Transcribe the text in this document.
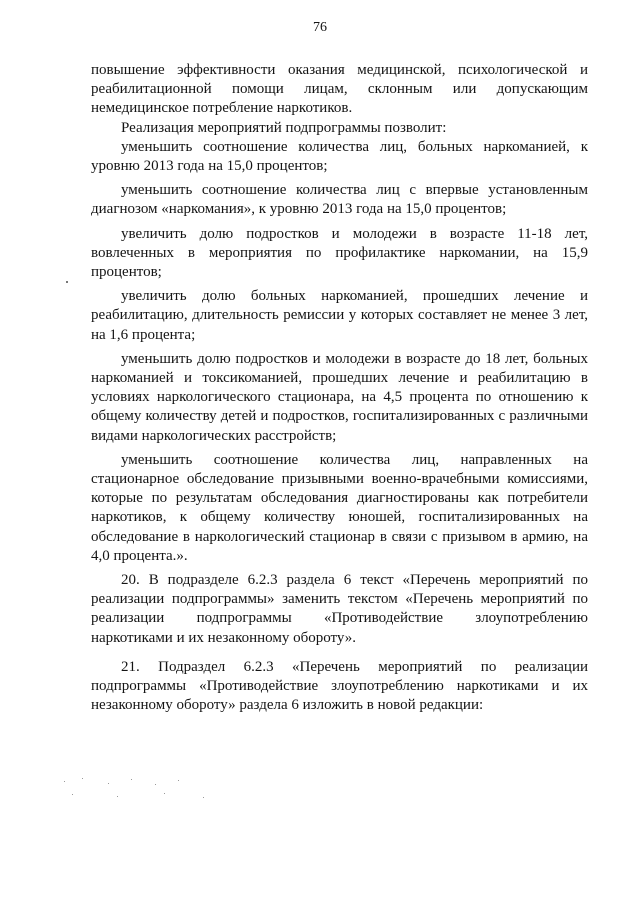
76

повышение эффективности оказания медицинской, психологической и реабилитационной помощи лицам, склонным или допускающим немедицинское потребление наркотиков.

Реализация мероприятий подпрограммы позволит:

уменьшить соотношение количества лиц, больных наркоманией, к уровню 2013 года на 15,0 процентов;

уменьшить соотношение количества лиц с впервые установленным диагнозом «наркомания», к уровню 2013 года на 15,0 процентов;

увеличить долю подростков и молодежи в возрасте 11-18 лет, вовлеченных в мероприятия по профилактике наркомании, на 15,9 процентов;

увеличить долю больных наркоманией, прошедших лечение и реабилитацию, длительность ремиссии у которых составляет не менее 3 лет, на 1,6 процента;

уменьшить долю подростков и молодежи в возрасте до 18 лет, больных наркоманией и токсикоманией, прошедших лечение и реабилитацию в условиях наркологического стационара, на 4,5 процента по отношению к общему количеству детей и подростков, госпитализированных с различными видами наркологических расстройств;

уменьшить соотношение количества лиц, направленных на стационарное обследование призывными военно-врачебными комиссиями, которые по результатам обследования диагностированы как потребители наркотиков, к общему количеству юношей, госпитализированных на обследование в наркологический стационар в связи с призывом в армию, на 4,0 процента.».

20. В подразделе 6.2.3 раздела 6 текст «Перечень мероприятий по реализации подпрограммы» заменить текстом «Перечень мероприятий по реализации подпрограммы «Противодействие злоупотреблению наркотиками и их незаконному обороту».

21. Подраздел 6.2.3 «Перечень мероприятий по реализации подпрограммы «Противодействие злоупотреблению наркотиками и их незаконному обороту» раздела 6 изложить в новой редакции:
